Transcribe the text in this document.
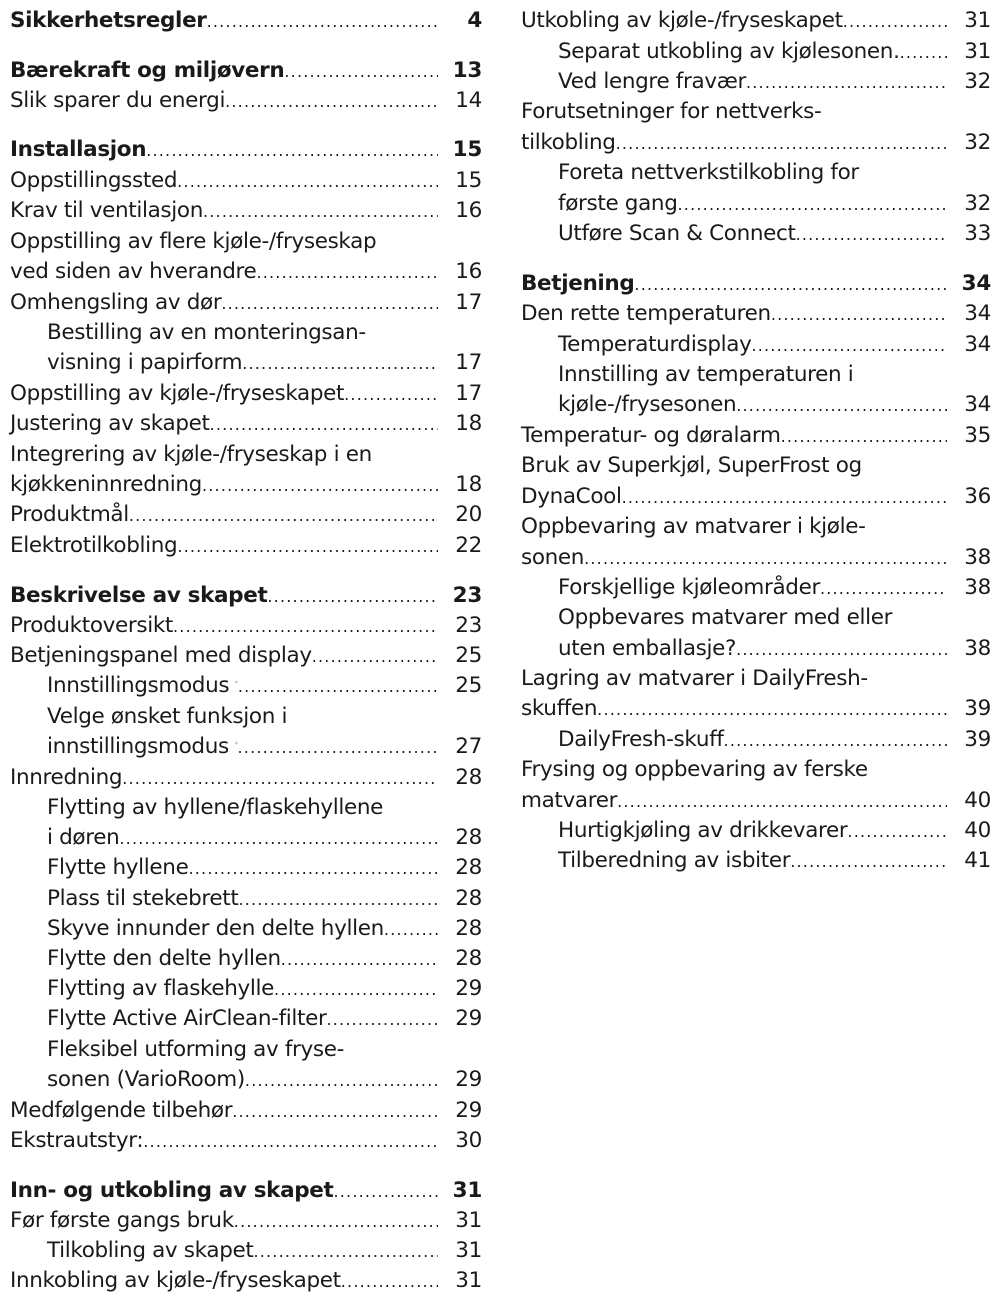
Sikkerhetsregler .....	4
Bærekraft og miljøvern .....	13
Slik sparer du energi .....	14
Installasjon .....	15
Oppstillingssted .....	15
Krav til ventilasjon .....	16
Oppstilling av flere kjøle-/fryseskap
ved siden av hverandre .....	16
Omhengsling av dør .....	17
Bestilling av en monteringsan-
visning i papirform .....	17
Oppstilling av kjøle-/fryseskapet .....	17
Justering av skapet .....	18
Integrering av kjøle-/fryseskap i en
kjøkkeninnredning .....	18
Produktmål .....	20
Elektrotilkobling .....	22
Beskrivelse av skapet .....	23
Produktoversikt .....	23
Betjeningspanel med display .....	25
Innstillingsmodus .....	25
Velge ønsket funksjon i
innstillingsmodus .....	27
Innredning .....	28
Flytting av hyllene/flaskehyllene
i døren .....	28
Flytte hyllene .....	28
Plass til stekebrett .....	28
Skyve innunder den delte hyllen .....	28
Flytte den delte hyllen .....	28
Flytting av flaskehylle .....	29
Flytte Active AirClean-filter .....	29
Fleksibel utforming av fryse-
sonen (VarioRoom) .....	29
Medfølgende tilbehør .....	29
Ekstrautstyr: .....	30
Inn- og utkobling av skapet .....	31
Før første gangs bruk .....	31
Tilkobling av skapet .....	31
Innkobling av kjøle-/fryseskapet .....	31
Utkobling av kjøle-/fryseskapet .....	31
Separat utkobling av kjølesonen. .....	31
Ved lengre fravær .....	32
Forutsetninger for nettverks-
tilkobling .....	32
Foreta nettverkstilkobling for
første gang .....	32
Utføre Scan & Connect .....	33
Betjening .....	34
Den rette temperaturen .....	34
Temperaturdisplay .....	34
Innstilling av temperaturen i
kjøle-/frysesonen .....	34
Temperatur- og døralarm .....	35
Bruk av Superkjøl, SuperFrost og
DynaCool .....	36
Oppbevaring av matvarer i kjøle-
sonen .....	38
Forskjellige kjøleområder .....	38
Oppbevares matvarer med eller
uten emballasje? .....	38
Lagring av matvarer i DailyFresh-
skuffen .....	39
DailyFresh-skuff .....	39
Frysing og oppbevaring av ferske
matvarer .....	40
Hurtigkjøling av drikkevarer .....	40
Tilberedning av isbiter .....	41
